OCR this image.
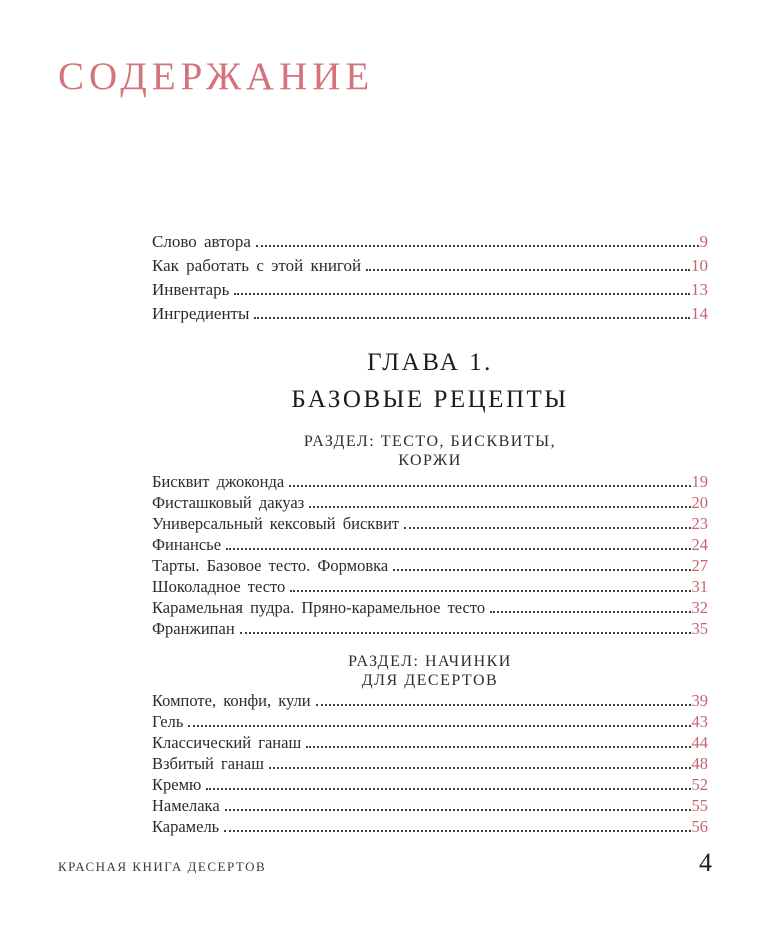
СОДЕРЖАНИЕ
Слово автора	9
Как работать с этой книгой	10
Инвентарь	13
Ингредиенты	14
ГЛАВА 1.
БАЗОВЫЕ РЕЦЕПТЫ
РАЗДЕЛ: ТЕСТО, БИСКВИТЫ,
КОРЖИ
Бисквит джоконда	19
Фисташковый дакуаз	20
Универсальный кексовый бисквит	23
Финансье	24
Тарты. Базовое тесто. Формовка	27
Шоколадное тесто	31
Карамельная пудра. Пряно-карамельное тесто	32
Франжипан	35
РАЗДЕЛ: НАЧИНКИ
ДЛЯ ДЕСЕРТОВ
Компоте, конфи, кули	39
Гель	43
Классический ганаш	44
Взбитый ганаш	48
Кремю	52
Намелака	55
Карамель	56
КРАСНАЯ КНИГА ДЕСЕРТОВ	4
